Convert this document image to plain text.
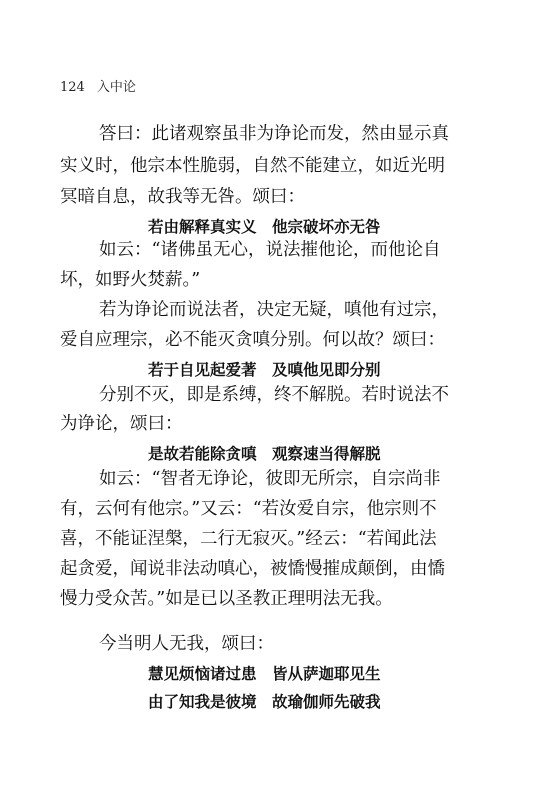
124 入中论
答曰：此诸观察虽非为诤论而发，然由显示真
实义时，他宗本性脆弱，自然不能建立，如近光明
冥暗自息，故我等无咎。颂曰：
若由解释真实义　他宗破坏亦无咎
如云：“诸佛虽无心，说法摧他论，而他论自
坏，如野火焚薪。”
若为诤论而说法者，决定无疑，嗔他有过宗，
爱自应理宗，必不能灭贪嗔分别。何以故？颂曰：
若于自见起爱著　及嗔他见即分别
分别不灭，即是系缚，终不解脱。若时说法不
为诤论，颂曰：
是故若能除贪嗔　观察速当得解脱
如云：“智者无诤论，彼即无所宗，自宗尚非
有，云何有他宗。”又云：“若汝爱自宗，他宗则不
喜，不能证涅槃，二行无寂灭。”经云：“若闻此法
起贪爱，闻说非法动嗔心，被憍慢摧成颠倒，由憍
慢力受众苦。”如是已以圣教正理明法无我。
今当明人无我，颂曰：
慧见烦恼诸过患　皆从萨迦耶见生
由了知我是彼境　故瑜伽师先破我
